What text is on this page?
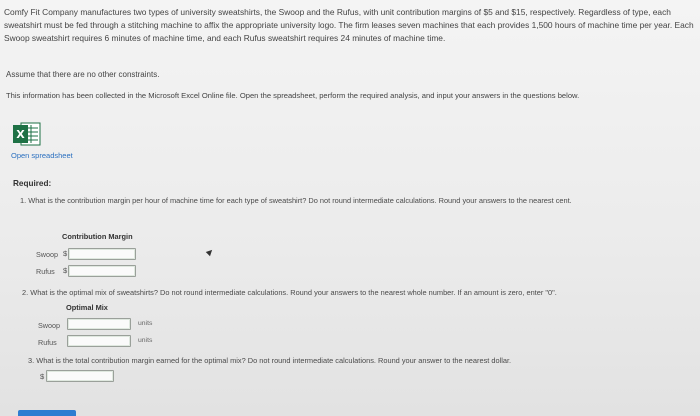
Comfy Fit Company manufactures two types of university sweatshirts, the Swoop and the Rufus, with unit contribution margins of $5 and $15, respectively. Regardless of type, each sweatshirt must be fed through a stitching machine to affix the appropriate university logo. The firm leases seven machines that each provides 1,500 hours of machine time per year. Each Swoop sweatshirt requires 6 minutes of machine time, and each Rufus sweatshirt requires 24 minutes of machine time.
Assume that there are no other constraints.
This information has been collected in the Microsoft Excel Online file. Open the spreadsheet, perform the required analysis, and input your answers in the questions below.
X
Open spreadsheet
Required:
1. What is the contribution margin per hour of machine time for each type of sweatshirt? Do not round intermediate calculations. Round your answers to the nearest cent.
Contribution Margin
Swoop $
Rufus $
2. What is the optimal mix of sweatshirts? Do not round intermediate calculations. Round your answers to the nearest whole number. If an amount is zero, enter "0".
Optimal Mix
Swoop	units
Rufus	units
3. What is the total contribution margin earned for the optimal mix? Do not round intermediate calculations. Round your answer to the nearest dollar.
$
